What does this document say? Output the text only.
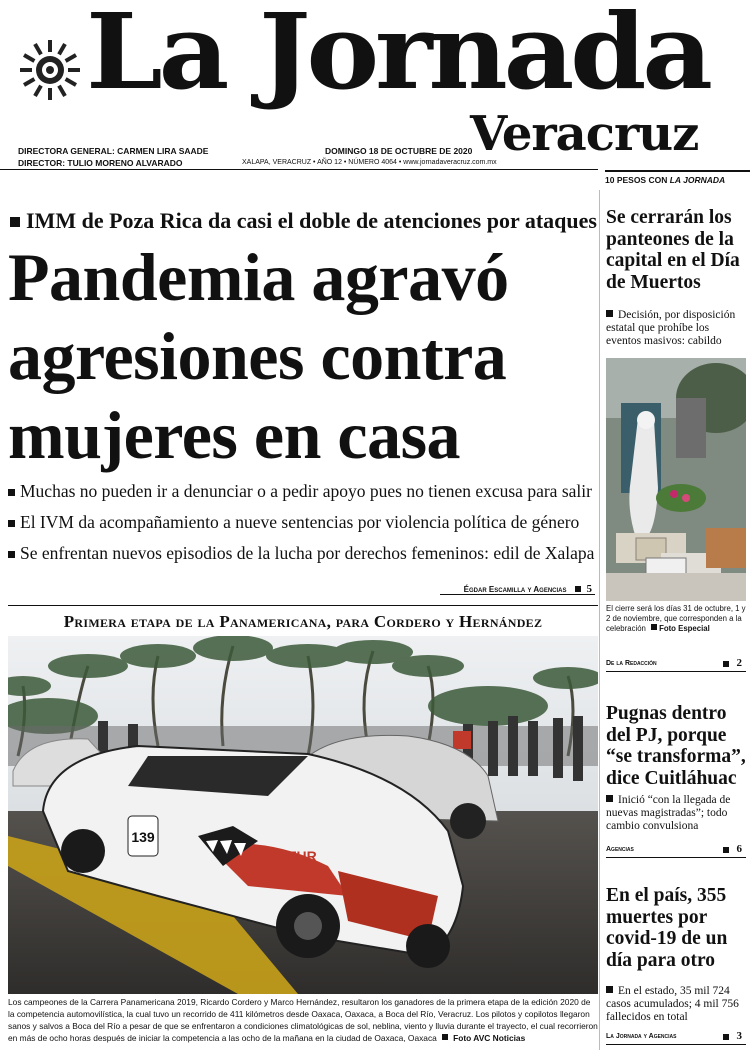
La Jornada
Veracruz
DIRECTORA GENERAL: CARMEN LIRA SAADE
DIRECTOR: TULIO MORENO ALVARADO
DOMINGO 18 DE OCTUBRE DE 2020
XALAPA, VERACRUZ • AÑO 12 • NÚMERO 4064 • www.jornadaveracruz.com.mx
10 PESOS CON LA JORNADA
IMM de Poza Rica da casi el doble de atenciones por ataques
Pandemia agravó
agresiones contra
mujeres en casa
Muchas no pueden ir a denunciar o a pedir apoyo pues no tienen excusa para salir
El IVM da acompañamiento a nueve sentencias por violencia política de género
Se enfrentan nuevos episodios de la lucha por derechos femeninos: edil de Xalapa
Égdar Escamilla y Agencias 5
Primera etapa de la Panamericana, para Cordero y Hernández
139
FHR
Los campeones de la Carrera Panamericana 2019, Ricardo Cordero y Marco Hernández, resultaron los ganadores de la primera etapa de la edición 2020 de la competencia automovilística, la cual tuvo un recorrido de 411 kilómetros desde Oaxaca, Oaxaca, a Boca del Río, Veracruz. Los pilotos y copilotos llegaron sanos y salvos a Boca del Río a pesar de que se enfrentaron a condiciones climatológicas de sol, neblina, viento y lluvia durante el trayecto, el cual recorrieron en más de ocho horas después de iniciar la competencia a las ocho de la mañana en la ciudad de Oaxaca, Oaxaca Foto AVC Noticias
Se cerrarán los panteones de la capital en el Día de Muertos
Decisión, por disposición estatal que prohíbe los eventos masivos: cabildo
El cierre será los días 31 de octubre, 1 y 2 de noviembre, que corresponden a la celebración Foto Especial
De la Redacción	2
Pugnas dentro del PJ, porque “se transforma”, dice Cuitláhuac
Inició “con la llegada de nuevas magistradas”; todo cambio convulsiona
Agencias	6
En el país, 355 muertes por covid-19 de un día para otro
En el estado, 35 mil 724 casos acumulados; 4 mil 756 fallecidos en total
La Jornada y Agencias	3
